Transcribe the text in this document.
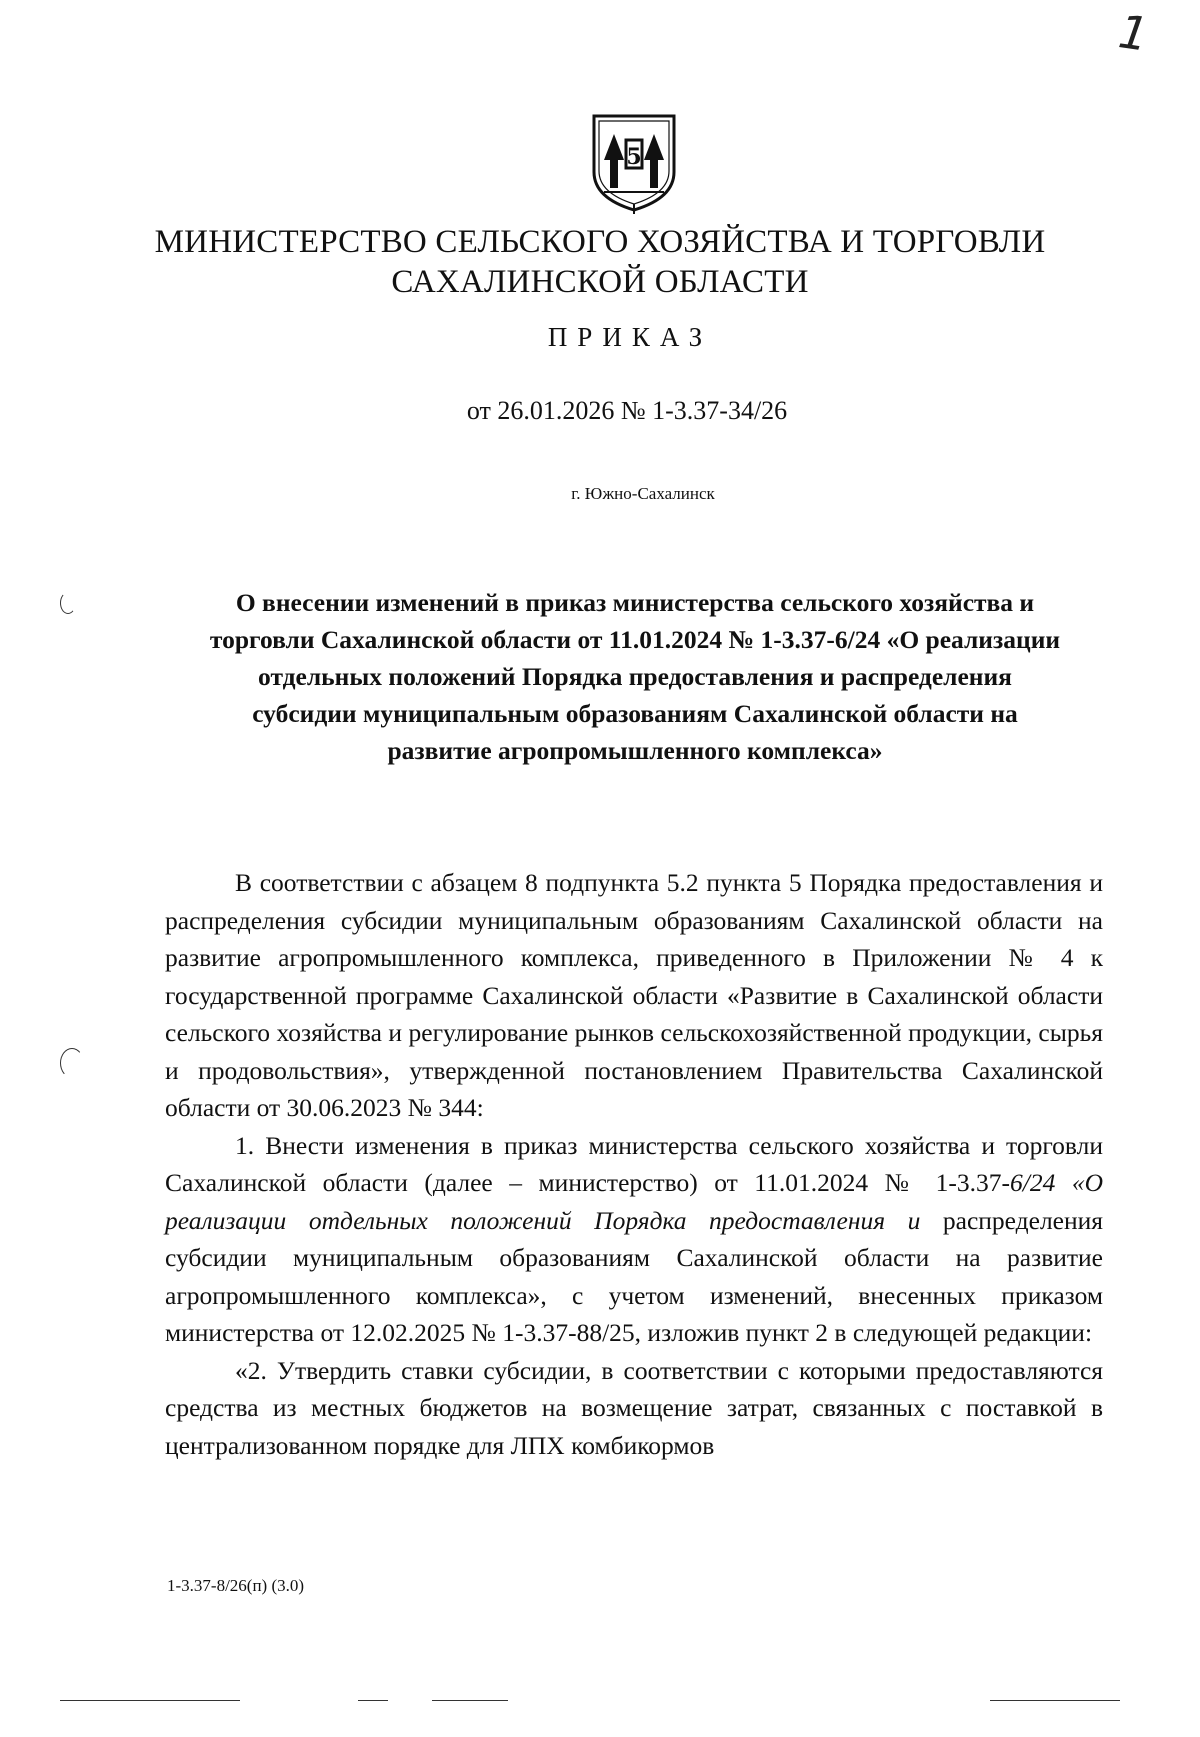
1
5
МИНИСТЕРСТВО СЕЛЬСКОГО ХОЗЯЙСТВА И ТОРГОВЛИ
САХАЛИНСКОЙ ОБЛАСТИ
ПРИКАЗ
от 26.01.2026 № 1-3.37-34/26
г. Южно-Сахалинск
О внесении изменений в приказ министерства сельского хозяйства и
торговли Сахалинской области от 11.01.2024 № 1-3.37-6/24 «О реализации
отдельных положений Порядка предоставления и распределения
субсидии муниципальным образованиям Сахалинской области на
развитие агропромышленного комплекса»

В соответствии с абзацем 8 подпункта 5.2 пункта 5 Порядка предоставления и распределения субсидии муниципальным образованиям Сахалинской области на развитие агропромышленного комплекса, приведенного в Приложении № 4 к государственной программе Сахалинской области «Развитие в Сахалинской области сельского хозяйства и регулирование рынков сельскохозяйственной продукции, сырья и продовольствия», утвержденной постановлением Правительства Сахалинской области от 30.06.2023 № 344:

1. Внести изменения в приказ министерства сельского хозяйства и торговли Сахалинской области (далее – министерство) от 11.01.2024 № 1-3.37-6/24 «О реализации отдельных положений Порядка предоставления и распределения субсидии муниципальным образованиям Сахалинской области на развитие агропромышленного комплекса», с учетом изменений, внесенных приказом министерства от 12.02.2025 № 1-3.37-88/25, изложив пункт 2 в следующей редакции:

«2. Утвердить ставки субсидии, в соответствии с которыми предоставляются средства из местных бюджетов на возмещение затрат, связанных с поставкой в централизованном порядке для ЛПХ комбикормов

1-3.37-8/26(п) (3.0)
